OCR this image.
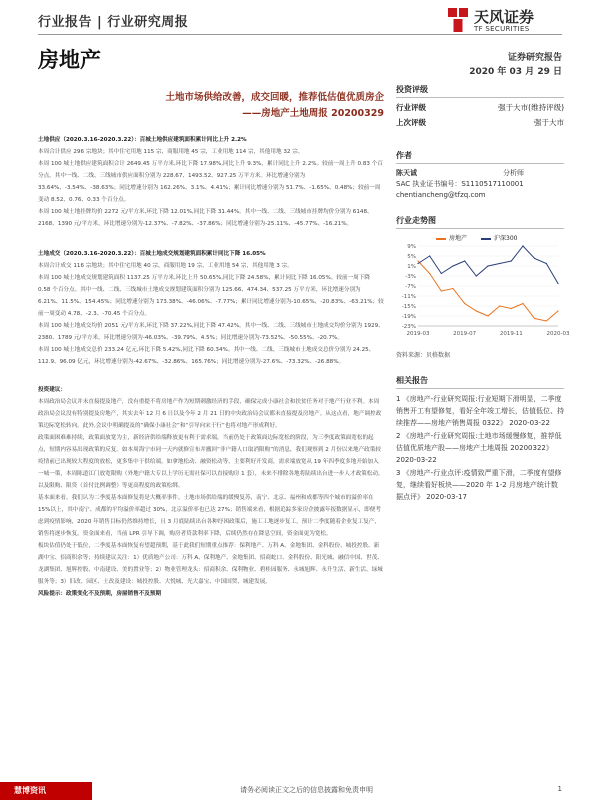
行业报告 | 行业研究周报	天风证券
TF SECURITIES
房地产	证券研究报告
2020 年 03 月 29 日
土地市场供给改善，成交回暖，推荐低估值优质房企
——房地产土地周报 20200329

土地供应（2020.3.16-2020.3.22）：百城土地供应建筑面积累计同比上升 2.2%

本周合计供应 296 宗地块；其中住宅用地 115 宗，商服用地 45 宗，工业用地 114 宗，其他用地 32 宗。

本周 100 城土地供应建筑面积合计 2649.45 万平方米,环比下降 17.98%,同比上升 9.3%，累计同比上升 2.2%。较前一周上升 0.83 个百分点。其中一线、二线、三线城市供应面积分别为 228.67、1493.52、927.25 万平方米。环比增速分别为 33.64%、-3.54%、-38.63%；同比增速分别为 162.26%、3.1%、4.41%；累计同比增速分别为 51.7%、-1.65%、0.48%；较前一周变动 8.52、0.76、0.33 个百分点。

本周 100 城土地挂牌均价 2272 元/平方米,环比下降 12.01%,同比下降 31.44%。其中一线、二线、三线城市挂牌均价分别为 6148、2168、1390 元/平方米，环比增速分别为-12.37%、-7.82%、-37.86%；同比增速分别为-25.11%、-45.77%、-16.21%。

土地成交（2020.3.16-2020.3.22）：百城土地成交规划建筑面积累计同比下降 16.05%

本周合计成交 116 宗地块；其中住宅用地 40 宗，商服用地 19 宗，工业用地 54 宗，其他用地 3 宗。

本周 100 城土地成交规划建筑面积 1137.25 万平方米,环比上升 50.65%,同比下降 24.58%，累计同比下降 16.05%。较前一周下降 0.58 个百分点。其中一线、二线、三线城市土地成交规划建筑面积分别为 125.66、474.34、537.25 万平方米，环比增速分别为 6.21%、11.5%、154.45%；同比增速分别为 173.38%、-46.06%、-7.77%；累计同比增速分别为-10.65%、-20.83%、-63.21%；较前一周变动 4.78、-2.3、-70.45 个百分点。

本周 100 城土地成交均价 2051 元/平方米,环比下降 37.22%,同比下降 47.42%。其中一线、二线、三线城市土地成交均价分别为 1929、2380、1789 元/平方米，环比增速分别为-46.03%、-39.79%、4.5%；同比增速分别为-73.52%、-50.55%、-20.7%。

本周 100 城土地成交总价 233.24 亿元,环比下降 5.42%,同比下降 60.34%。其中一线、二线、三线城市土地成交总价分别为 24.25、112.9、96.09 亿元，环比增速分别为-42.67%、-32.86%、165.76%；同比增速分别为-27.6%、-73.32%、-26.88%。

投资建议：

本周政治局会议并未直接提及地产，没有重提不将房地产作为短期刺激经济的手段，确保完成小康社会和扶贫任务对于地产行业不利。本周政治局会议没有特别提及房地产，其实去年 12 月 6 日以及今年 2 月 21 日的中央政治局会议都未直接提及房地产。从这点看，地产调控政策边际宽松转向。此外,会议中明确提及的“确保小康社会”和“引导向宋于行”也将对地产形成利好。

政策面困难难持续，政策面放宽为主，新经济供给端释放更有利于需求端，当前仍处于政策面边际宽松的阶段，为三季度政策面宽松的起点，短期内容易出现政策的反复。如本周海宁市同一天内就修宣布并撤回“非户籍人口取消限购”的消息，我们观察到 2 月份以来地产政策较疫情前已出现较大程度的放松，更多集中于供给端，如拿地松动、融资松动等，主要利好开发商，需求端放宽从 19 年四季度多地开始加入一城一策，本周陈道江门放宽限购（外地户籍大专以上学历无需社保可以直接购房 1 套），未来不排除各地将陆续出台进一步人才政策松动，以及限购、限贷（首付比例调整）等更高程度的政策松绑。

基本面来看，我们认为二季度基本面修复将是大概率事件。土地市场供给端的缓慢复苏，南宁、北京、福州和成都等四个城市的溢价率在 15%以上，其中南宁、成都的平均溢价率超过 30%，北京溢价率也已达 27%；销售端来看，根据追踪多家房企披露年报数据显示，即便考虑到疫情影响，2020 年销售目标仍然维持增长，且 3 月底陆续出台各种纾困政策后，施工工地逐步复工，预计二季度随着企业复工复产，销售将逐步恢复，资金面来看，当前 LPR 引导下调，购房者贷款利率下降，后续仍然存在降息空间，资金面更为宽松。

板块估值仍处于低位，二季度基本面恢复有望超预期，基于此我们短期重点推荐：保利地产、万科 A、金地集团、金科股份、城投控股、新湖中宝、招商积余等；持续建议关注：1）优质地产公司：万科 A、保利地产、金地集团、招商蛇口、金科股份、阳光城、融信中国、世茂、龙湖集团、旭辉控股、中南建设、美的置业等；2）物业管理龙头：招商积余、保利物业、碧桂园服务、永城旭辉、永升生活、新生活、绿城服务等；3）旧改、园区、土改及建设：城投控股、大悦城、光大嘉宝、中国国贸、城建发展。

风险提示：政策变化不及预期，房屋销售不及预期

投资评级
行业评级	强于大市(维持评级)
上次评级	强于大市
作者
陈天诚	分析师
SAC 执业证书编号：S1110517110001
chentiancheng@tfzq.com
行业走势图
房地产	沪深300
9%
5%
1%
-3%
-7%
-11%
-15%
-19%
-23%
2019-03	2019-07	2019-11	2020-03
资料来源：贝格数据
相关报告

1 《房地产-行业研究周报:行业短期下滑明显，二季度销售开工有望修复，看好全年竣工增长，估值低位、持续推荐——房地产销售周报 0322》 2020-03-22

2 《房地产-行业研究周报:土地市场缓慢修复，推荐低估值优质地产股——房地产土地周报 20200322》 2020-03-22

3 《房地产-行业点评:疫情致严重下滑，二季度有望修复，继续看好板块——2020 年 1-2 月房地产统计数据点评》 2020-03-17

慧博资讯	请务必阅读正文之后的信息披露和免责申明	1
